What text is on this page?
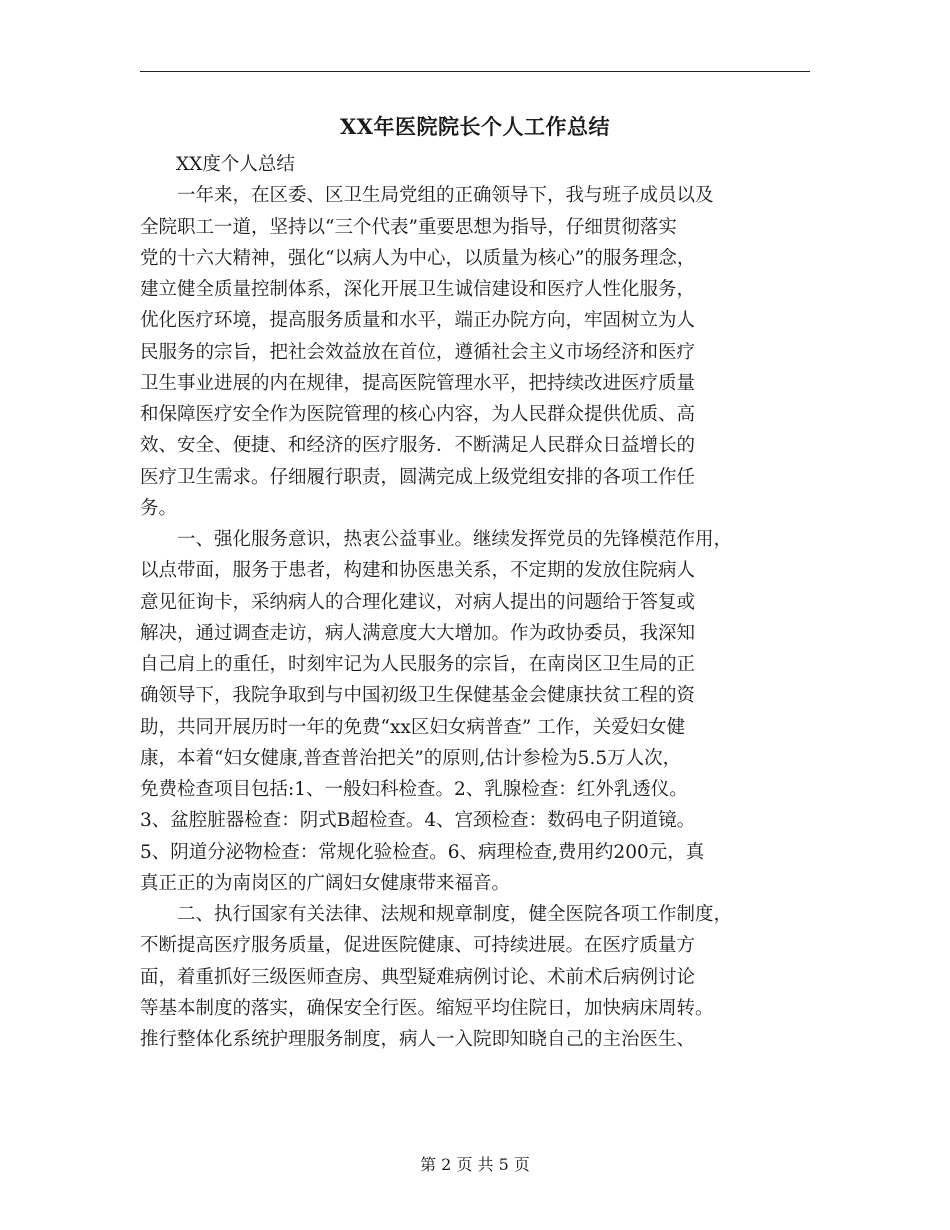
XX年医院院长个人工作总结
XX度个人总结
一年来，在区委、区卫生局党组的正确领导下，我与班子成员以及
全院职工一道，坚持以“三个代表”重要思想为指导，仔细贯彻落实
党的十六大精神，强化“以病人为中心，以质量为核心”的服务理念，
建立健全质量控制体系，深化开展卫生诚信建设和医疗人性化服务，
优化医疗环境，提高服务质量和水平，端正办院方向，牢固树立为人
民服务的宗旨，把社会效益放在首位，遵循社会主义市场经济和医疗
卫生事业进展的内在规律，提高医院管理水平，把持续改进医疗质量
和保障医疗安全作为医院管理的核心内容，为人民群众提供优质、高
效、安全、便捷、和经济的医疗服务．不断满足人民群众日益增长的
医疗卫生需求。仔细履行职责，圆满完成上级党组安排的各项工作任
务。
一、强化服务意识，热衷公益事业。继续发挥党员的先锋模范作用，
以点带面，服务于患者，构建和协医患关系，不定期的发放住院病人
意见征询卡，采纳病人的合理化建议，对病人提出的问题给于答复或
解决，通过调查走访，病人满意度大大增加。作为政协委员，我深知
自己肩上的重任，时刻牢记为人民服务的宗旨，在南岗区卫生局的正
确领导下，我院争取到与中国初级卫生保健基金会健康扶贫工程的资
助，共同开展历时一年的免费“xx区妇女病普查” 工作，关爱妇女健
康，本着“妇女健康,普查普治把关”的原则,估计参检为5.5万人次，
免费检查项目包括:1、一般妇科检查。2、乳腺检查：红外乳透仪。
3、盆腔脏器检查：阴式B超检查。4、宫颈检查：数码电子阴道镜。
5、阴道分泌物检查：常规化验检查。6、病理检查,费用约200元，真
真正正的为南岗区的广阔妇女健康带来福音。
二、执行国家有关法律、法规和规章制度，健全医院各项工作制度，
不断提高医疗服务质量，促进医院健康、可持续进展。在医疗质量方
面，着重抓好三级医师查房、典型疑难病例讨论、术前术后病例讨论
等基本制度的落实，确保安全行医。缩短平均住院日，加快病床周转。
推行整体化系统护理服务制度，病人一入院即知晓自己的主治医生、
第 2 页 共 5 页
